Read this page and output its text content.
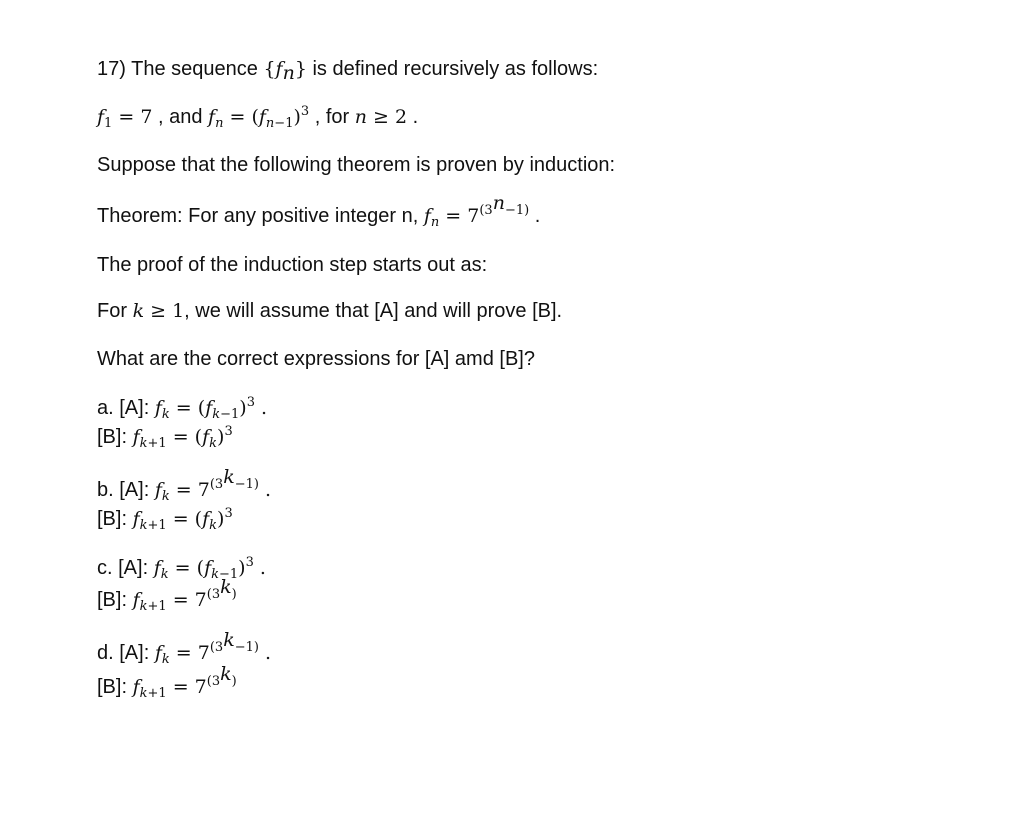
17) The sequence $\{f_n\}$ is defined recursively as follows:
$f_1 = 7$ , and $f_n = (f_{n-1})^3$ , for n ≥ 2 .
Suppose that the following theorem is proven by induction:
Theorem: For any positive integer n, $f_n = 7^{(3^n-1)}$ .
The proof of the induction step starts out as:
For k ≥ 1, we will assume that [A] and will prove [B].
What are the correct expressions for [A] amd [B]?
a. [A]: $f_k = (f_{k-1})^3$ .
[B]: $f_{k+1} = (f_k)^3$
b. [A]: $f_k = 7^{(3^k-1)}$ .
[B]: $f_{k+1} = (f_k)^3$
c. [A]: $f_k = (f_{k-1})^3$ .
[B]: $f_{k+1} = 7^{(3^k)}$
d. [A]: $f_k = 7^{(3^k-1)}$ .
[B]: $f_{k+1} = 7^{(3^k)}$
